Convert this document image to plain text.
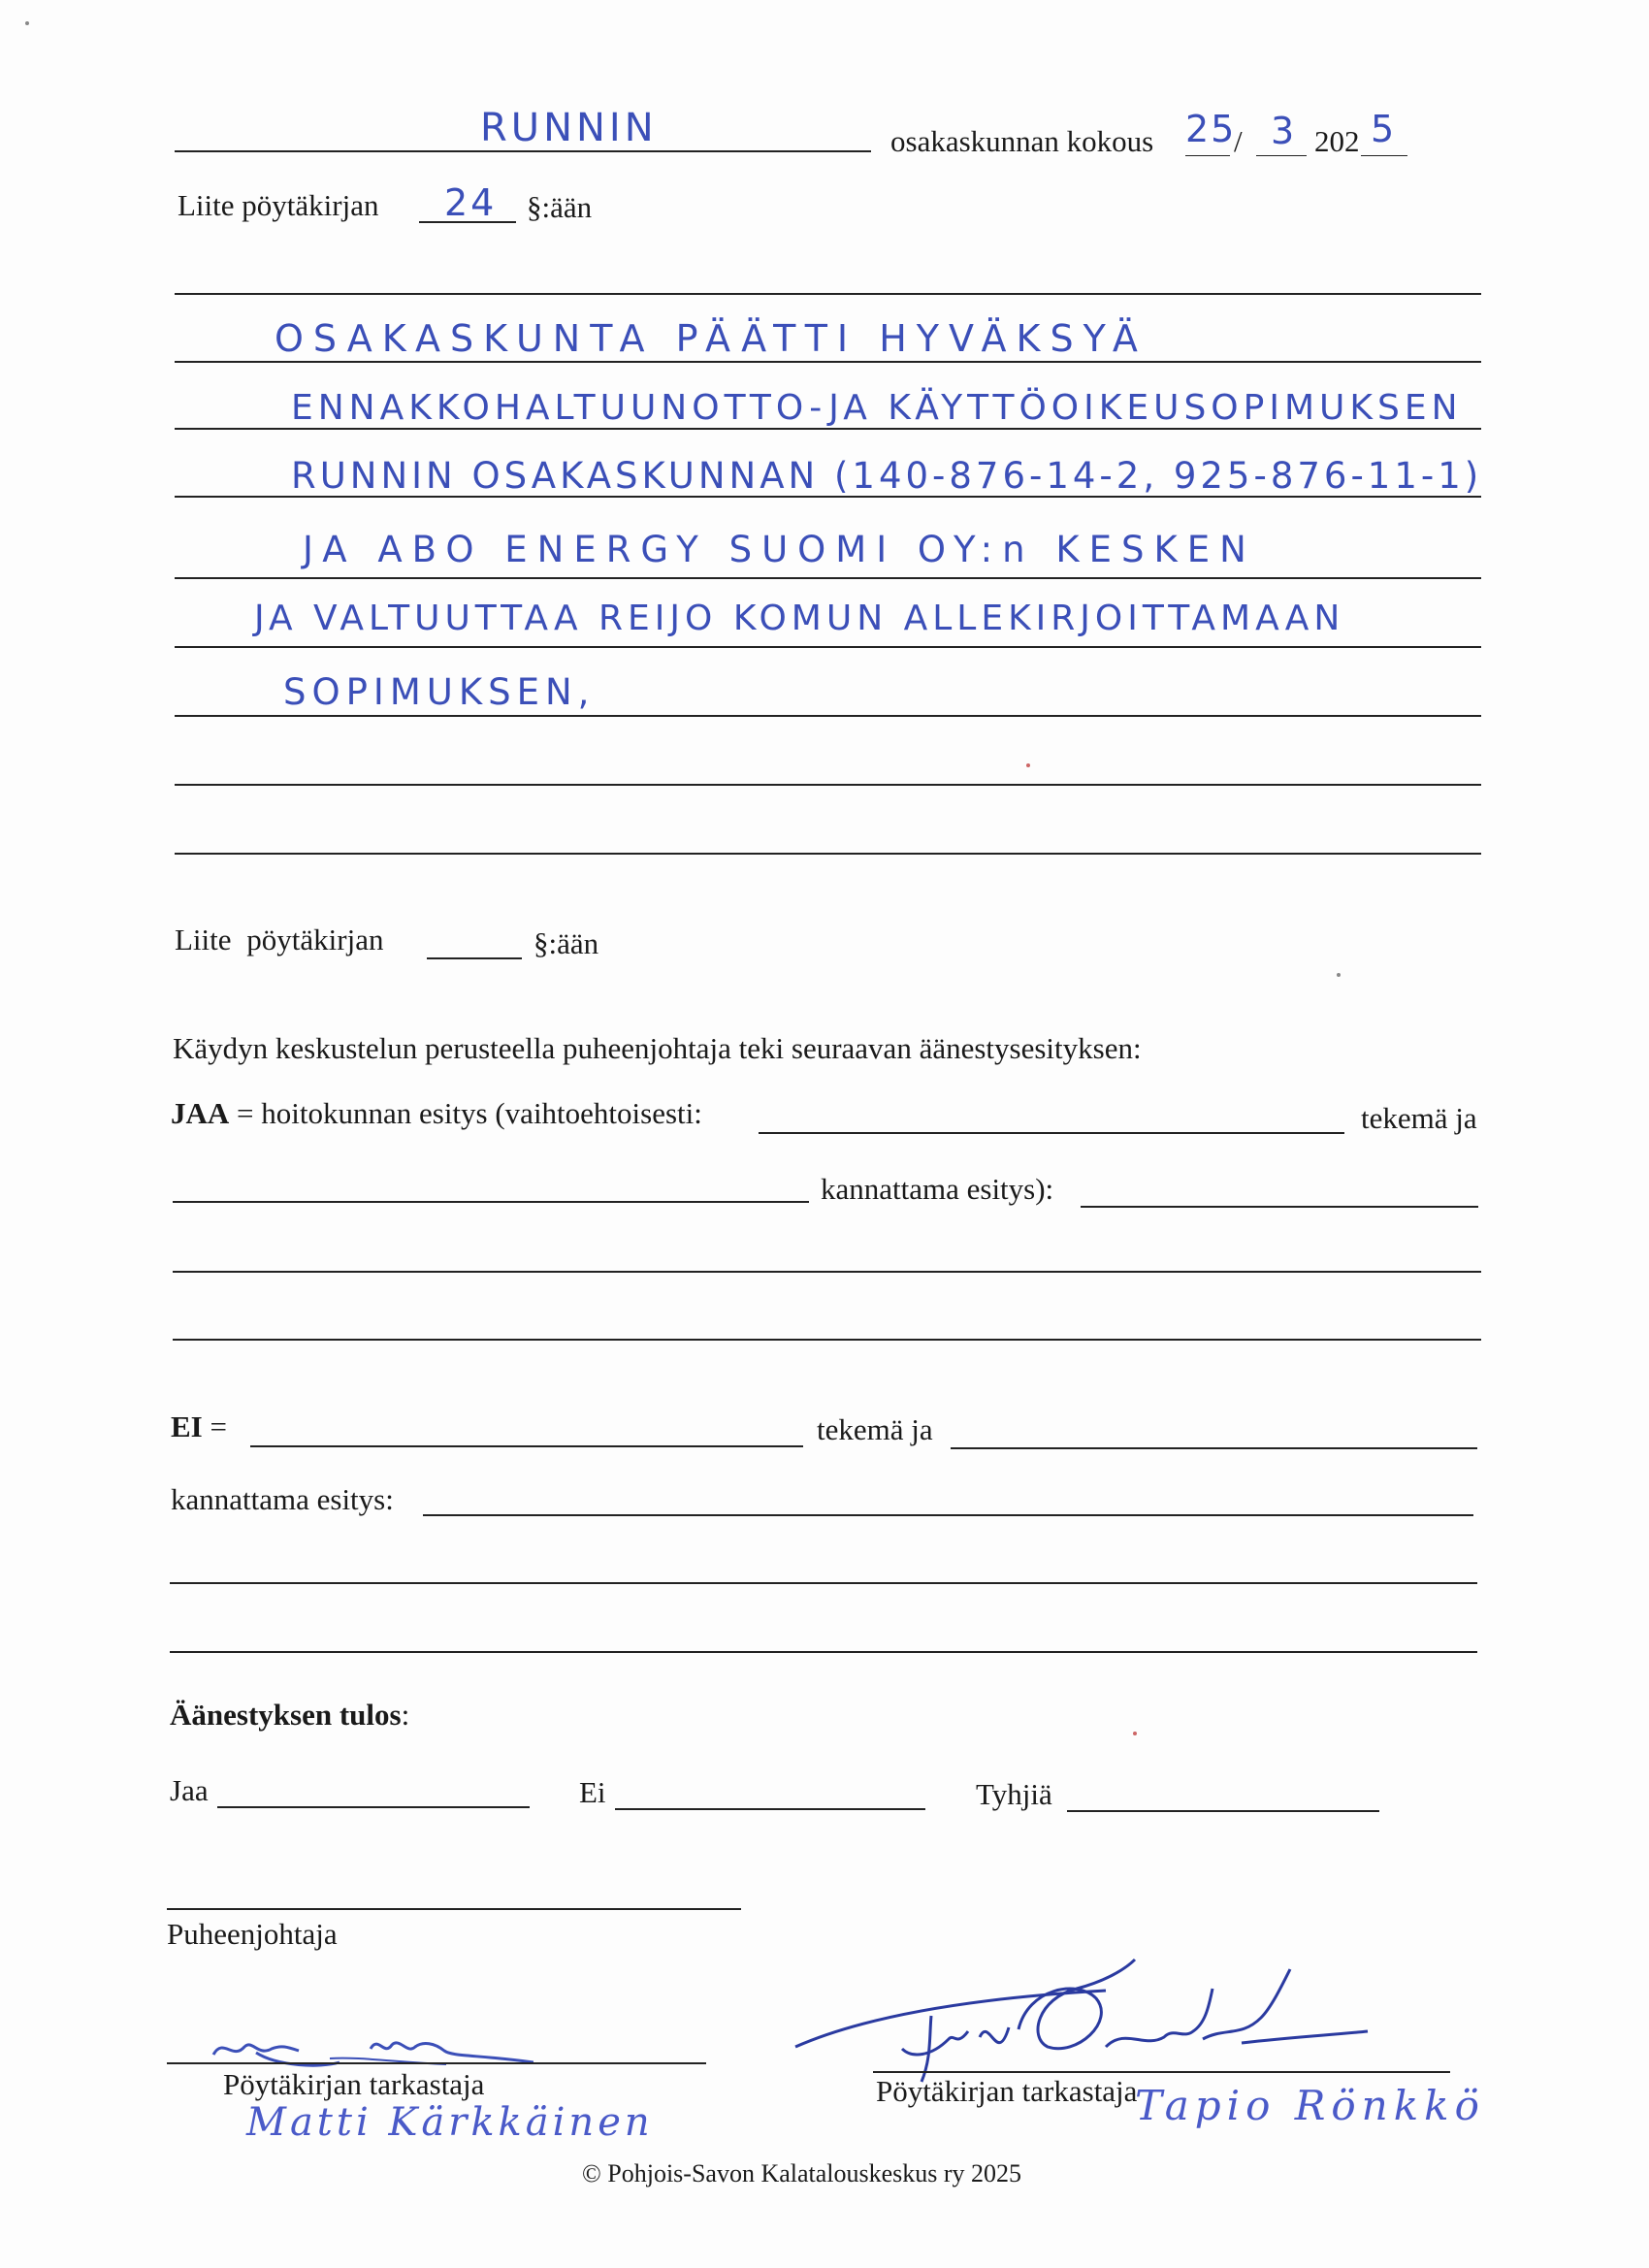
RUNNIN	osakaskunnan kokous 25
/ 3 202 5
Liite pöytäkirjan 24 §:ään
OSAKASKUNTA PÄÄTTI HYVÄKSYÄ
ENNAKKOHALTUUNOTTO-JA KÄYTTÖOIKEUSOPIMUKSEN
RUNNIN OSAKASKUNNAN (140-876-14-2, 925-876-11-1)
JA ABO ENERGY SUOMI OY:n KESKEN
JA VALTUUTTAA REIJO KOMUN ALLEKIRJOITTAMAAN
SOPIMUKSEN,
Liite pöytäkirjan	§:ään
Käydyn keskustelun perusteella puheenjohtaja teki seuraavan äänestysesityksen:
JAA = hoitokunnan esitys (vaihtoehtoisesti:	tekemä ja
kannattama esitys):
EI =	tekemä ja
kannattama esitys:
Äänestyksen tulos:
Jaa	Ei	Tyhjiä
Puheenjohtaja
Pöytäkirjan tarkastaja
Matti Kärkkäinen
Pöytäkirjan tarkastaja
Tapio Rönkkö
© Pohjois-Savon Kalatalouskeskus ry 2025
